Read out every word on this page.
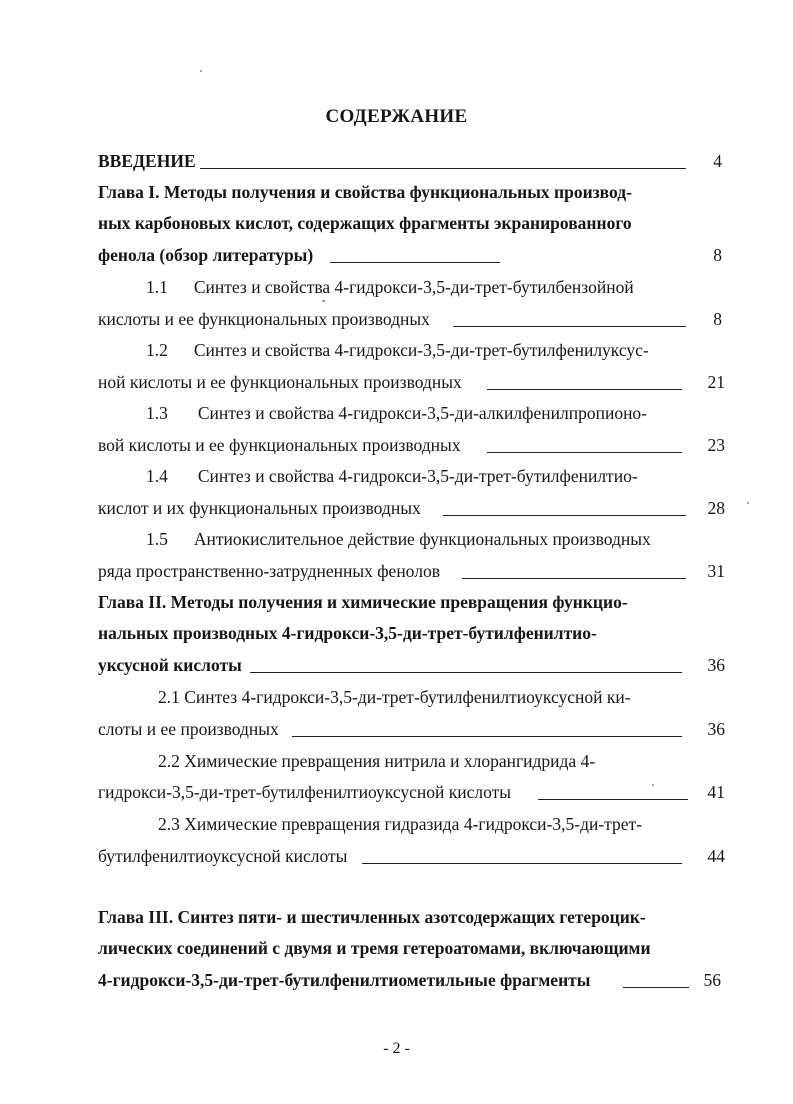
СОДЕРЖАНИЕ
ВВЕДЕНИЕ	4
Глава I. Методы получения и свойства функциональных производ-
ных карбоновых кислот, содержащих фрагменты экранированного
фенола (обзор литературы)	8
1.1 Синтез и свойства 4-гидрокси-3,5-ди-трет-бутилбензойной
кислоты и ее функциональных производных	8
1.2 Синтез и свойства 4-гидрокси-3,5-ди-трет-бутилфенилуксус-
ной кислоты и ее функциональных производных	21
1.3 Синтез и свойства 4-гидрокси-3,5-ди-алкилфенилпропионо-
вой кислоты и ее функциональных производных	23
1.4 Синтез и свойства 4-гидрокси-3,5-ди-трет-бутилфенилтио-
кислот и их функциональных производных	28
1.5 Антиокислительное действие функциональных производных
ряда пространственно-затрудненных фенолов	31
Глава II. Методы получения и химические превращения функцио-
нальных производных 4-гидрокси-3,5-ди-трет-бутилфенилтио-
уксусной кислоты	36
2.1 Синтез 4-гидрокси-3,5-ди-трет-бутилфенилтиоуксусной ки-
слоты и ее производных	36
2.2 Химические превращения нитрила и хлорангидрида 4-
гидрокси-3,5-ди-трет-бутилфенилтиоуксусной кислоты	41
2.3 Химические превращения гидразида 4-гидрокси-3,5-ди-трет-
бутилфенилтиоуксусной кислоты	44
Глава III. Синтез пяти- и шестичленных азотсодержащих гетероцик-
лических соединений с двумя и тремя гетероатомами, включающими
4-гидрокси-3,5-ди-трет-бутилфенилтиометильные фрагменты	56
- 2 -
